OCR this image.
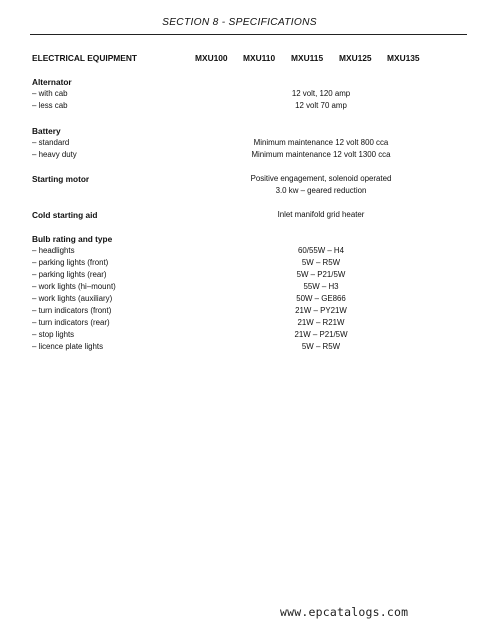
SECTION 8 - SPECIFICATIONS
ELECTRICAL EQUIPMENT	MXU100	MXU110	MXU115	MXU125	MXU135
Alternator
– with cab	12 volt, 120 amp
– less cab	12 volt 70 amp
Battery
– standard	Minimum maintenance 12 volt 800 cca
– heavy duty	Minimum maintenance 12 volt 1300 cca
Starting motor	Positive engagement, solenoid operated
3.0 kw – geared reduction
Cold starting aid	Inlet manifold grid heater
Bulb rating and type
– headlights	60/55W – H4
– parking lights (front)	5W – R5W
– parking lights (rear)	5W – P21/5W
– work lights (hi–mount)	55W – H3
– work lights (auxiliary)	50W – GE866
– turn indicators (front)	21W – PY21W
– turn indicators (rear)	21W – R21W
– stop lights	21W – P21/5W
– licence plate lights	5W – R5W
www.epcatalogs.com
